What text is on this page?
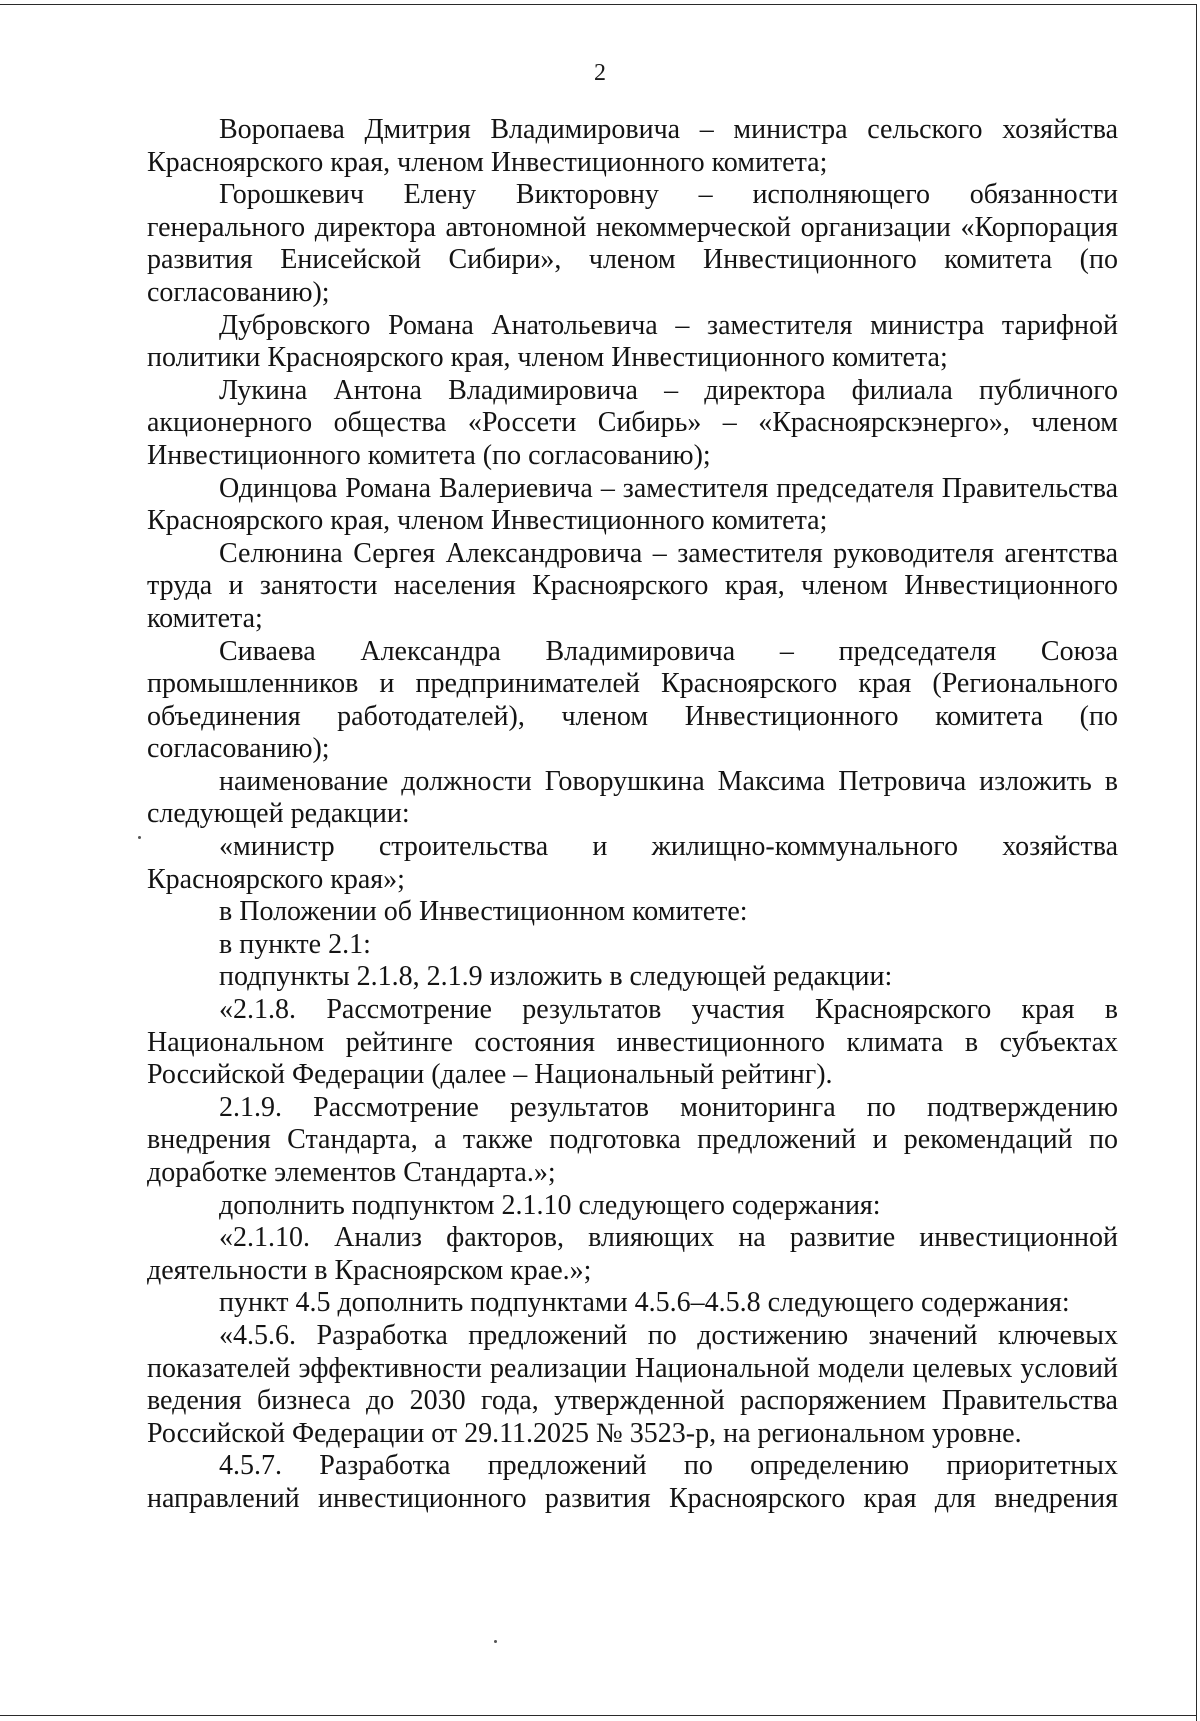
2

Воропаева Дмитрия Владимировича – министра сельского хозяйства Красноярского края, членом Инвестиционного комитета;

Горошкевич Елену Викторовну – исполняющего обязанности генерального директора автономной некоммерческой организации «Корпорация развития Енисейской Сибири», членом Инвестиционного комитета (по согласованию);

Дубровского Романа Анатольевича – заместителя министра тарифной политики Красноярского края, членом Инвестиционного комитета;

Лукина Антона Владимировича – директора филиала публичного акционерного общества «Россети Сибирь» – «Красноярскэнерго», членом Инвестиционного комитета (по согласованию);

Одинцова Романа Валериевича – заместителя председателя Правительства Красноярского края, членом Инвестиционного комитета;

Селюнина Сергея Александровича – заместителя руководителя агентства труда и занятости населения Красноярского края, членом Инвестиционного комитета;

Сиваева Александра Владимировича – председателя Союза промышленников и предпринимателей Красноярского края (Регионального объединения работодателей), членом Инвестиционного комитета (по согласованию);

наименование должности Говорушкина Максима Петровича изложить в следующей редакции:

«министр строительства и жилищно-коммунального хозяйства Красноярского края»;

в Положении об Инвестиционном комитете:

в пункте 2.1:

подпункты 2.1.8, 2.1.9 изложить в следующей редакции:

«2.1.8. Рассмотрение результатов участия Красноярского края в Национальном рейтинге состояния инвестиционного климата в субъектах Российской Федерации (далее – Национальный рейтинг).

2.1.9. Рассмотрение результатов мониторинга по подтверждению внедрения Стандарта, а также подготовка предложений и рекомендаций по доработке элементов Стандарта.»;

дополнить подпунктом 2.1.10 следующего содержания:

«2.1.10. Анализ факторов, влияющих на развитие инвестиционной деятельности в Красноярском крае.»;

пункт 4.5 дополнить подпунктами 4.5.6–4.5.8 следующего содержания:

«4.5.6. Разработка предложений по достижению значений ключевых показателей эффективности реализации Национальной модели целевых условий ведения бизнеса до 2030 года, утвержденной распоряжением Правительства Российской Федерации от 29.11.2025 № 3523-р, на региональном уровне.

4.5.7. Разработка предложений по определению приоритетных направлений инвестиционного развития Красноярского края для внедрения
